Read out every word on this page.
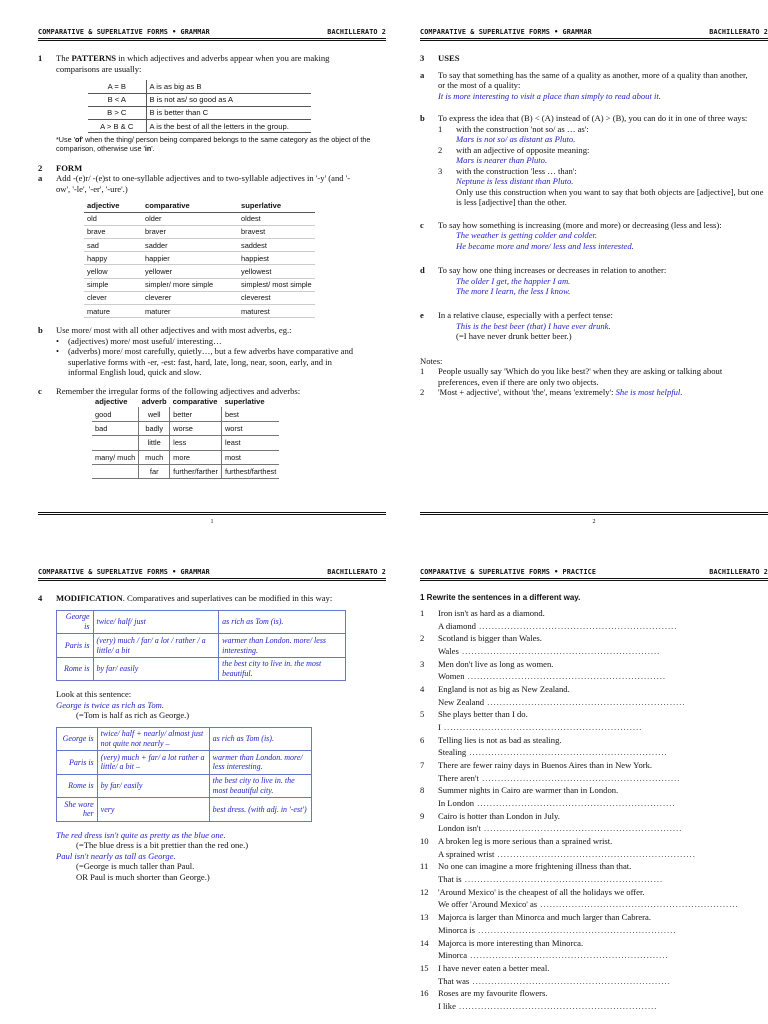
COMPARATIVE & SUPERLATIVE FORMS • GRAMMAR	BACHILLERATO 2
1	The PATTERNS in which adjectives and adverbs appear when you are making comparisons are usually:
A = B	A is as big as B
B < A	B is not as/ so good as A
B > C	B is better than C
A > B & C	A is the best of all the letters in the group.
*Use 'of' when the thing/ person being compared belongs to the same category as the object of the comparison, otherwise use 'in'.
2	FORM
a	Add -(e)r/ -(e)st to one-syllable adjectives and to two-syllable adjectives in '-y' (and '-ow', '-le', '-er', '-ure'.)
adjective	comparative	superlative
old	older	oldest
brave	braver	bravest
sad	sadder	saddest
happy	happier	happiest
yellow	yellower	yellowest
simple	simpler/ more simple	simplest/ most simple
clever	cleverer	cleverest
mature	maturer	maturest
b	Use more/ most with all other adjectives and with most adverbs, eg.:
•	(adjectives) more/ most useful/ interesting…
•	(adverbs) more/ most carefully, quietly…, but a few adverbs have comparative and superlative forms with -er, -est: fast, hard, late, long, near, soon, early, and in informal English loud, quick and slow.
c	Remember the irregular forms of the following adjectives and adverbs:
adjective	adverb	comparative	superlative
good	well	better	best
bad	badly	worse	worst
	little	less	least
many/ much	much	more	most
	far	further/farther	furthest/farthest
1
COMPARATIVE & SUPERLATIVE FORMS • GRAMMAR	BACHILLERATO 2
3	USES
a	To say that something has the same of a quality as another, more of a quality than another, or the most of a quality:
It is more interesting to visit a place than simply to read about it.
b	To express the idea that (B) < (A) instead of (A) > (B), you can do it in one of three ways:
1	with the construction 'not so/ as … as':
Mars is not so/ as distant as Pluto.
2	with an adjective of opposite meaning:
Mars is nearer than Pluto.
3	with the construction 'less … than':
Neptune is less distant than Pluto.
Only use this construction when you want to say that both objects are [adjective], but one is less [adjective] than the other.
c	To say how something is increasing (more and more) or decreasing (less and less):
The weather is getting colder and colder.
He became more and more/ less and less interested.
d	To say how one thing increases or decreases in relation to another:
The older I get, the happier I am.
The more I learn, the less I know.
e	In a relative clause, especially with a perfect tense:
This is the best beer (that) I have ever drunk.
(=I have never drunk better beer.)
Notes:
1	People usually say 'Which do you like best?' when they are asking or talking about preferences, even if there are only two objects.
2	'Most + adjective', without 'the', means 'extremely': She is most helpful.
2
COMPARATIVE & SUPERLATIVE FORMS • GRAMMAR	BACHILLERATO 2
4	MODIFICATION. Comparatives and superlatives can be modified in this way:
George is	twice/ half/ just	as rich as Tom (is).
Paris is	(very) much / far/ a lot / rather / a little/ a bit	warmer than London. more/ less interesting.
Rome is	by far/ easily	the best city to live in. the most beautiful.
Look at this sentence:
George is twice as rich as Tom.
(=Tom is half as rich as George.)
George is	twice/ half + nearly/ almost just not quite not nearly –	as rich as Tom (is).
Paris is	(very) much + far/ a lot rather a little/ a bit –	warmer than London. more/ less interesting.
Rome is	by far/ easily	the best city to live in. the most beautiful city.
She wore her	very	best dress. (with adj. in '-est')
The red dress isn't quite as pretty as the blue one.
(=The blue dress is a bit prettier than the red one.)
Paul isn't nearly as tall as George.
(=George is much taller than Paul.
OR Paul is much shorter than George.)
COMPARATIVE & SUPERLATIVE FORMS • PRACTICE	BACHILLERATO 2
1 Rewrite the sentences in a different way.
1	Iron isn't as hard as a diamond.
A diamond ...............................................................
2	Scotland is bigger than Wales.
Wales ...............................................................
3	Men don't live as long as women.
Women ...............................................................
4	England is not as big as New Zealand.
New Zealand ...............................................................
5	She plays better than I do.
I ...............................................................
6	Telling lies is not as bad as stealing.
Stealing ...............................................................
7	There are fewer rainy days in Buenos Aires than in New York.
There aren't ...............................................................
8	Summer nights in Cairo are warmer than in London.
In London ...............................................................
9	Cairo is hotter than London in July.
London isn't ...............................................................
10	A broken leg is more serious than a sprained wrist.
A sprained wrist ...............................................................
11	No one can imagine a more frightening illness than that.
That is ...............................................................
12	'Around Mexico' is the cheapest of all the holidays we offer.
We offer 'Around Mexico' as ...............................................................
13	Majorca is larger than Minorca and much larger than Cabrera.
Minorca is ...............................................................
14	Majorca is more interesting than Minorca.
Minorca ...............................................................
15	I have never eaten a better meal.
That was ...............................................................
16	Roses are my favourite flowers.
I like ...............................................................
